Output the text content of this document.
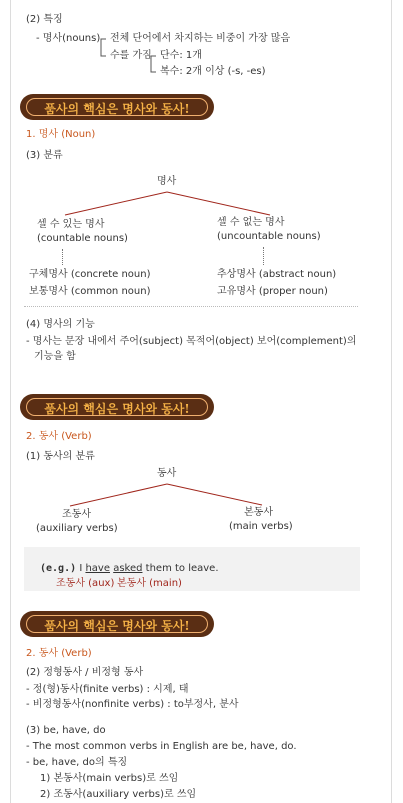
(2) 특징
- 명사(nouns) 전체 단어에서 차지하는 비중이 가장 많음
수를 가짐 단수: 1개
복수: 2개 이상 (-s, -es)
품사의 핵심은 명사와 동사!
1. 명사 (Noun)
(3) 분류
명사
셀 수 있는 명사
(countable nouns)
셀 수 없는 명사
(uncountable nouns)
구체명사 (concrete noun)
보통명사 (common noun)
추상명사 (abstract noun)
고유명사 (proper noun)
(4) 명사의 기능
- 명사는 문장 내에서 주어(subject) 목적어(object) 보어(complement)의
기능을 함
품사의 핵심은 명사와 동사!
2. 동사 (Verb)
(1) 동사의 분류
동사
조동사
(auxiliary verbs)
본동사
(main verbs)
(e.g.) I have asked them to leave.
조동사 (aux) 본동사 (main)
품사의 핵심은 명사와 동사!
2. 동사 (Verb)
(2) 정형동사 / 비정형 동사
- 정(형)동사(finite verbs) : 시제, 태
- 비정형동사(nonfinite verbs) : to부정사, 분사
(3) be, have, do
- The most common verbs in English are be, have, do.
- be, have, do의 특징
1) 본동사(main verbs)로 쓰임
2) 조동사(auxiliary verbs)로 쓰임
